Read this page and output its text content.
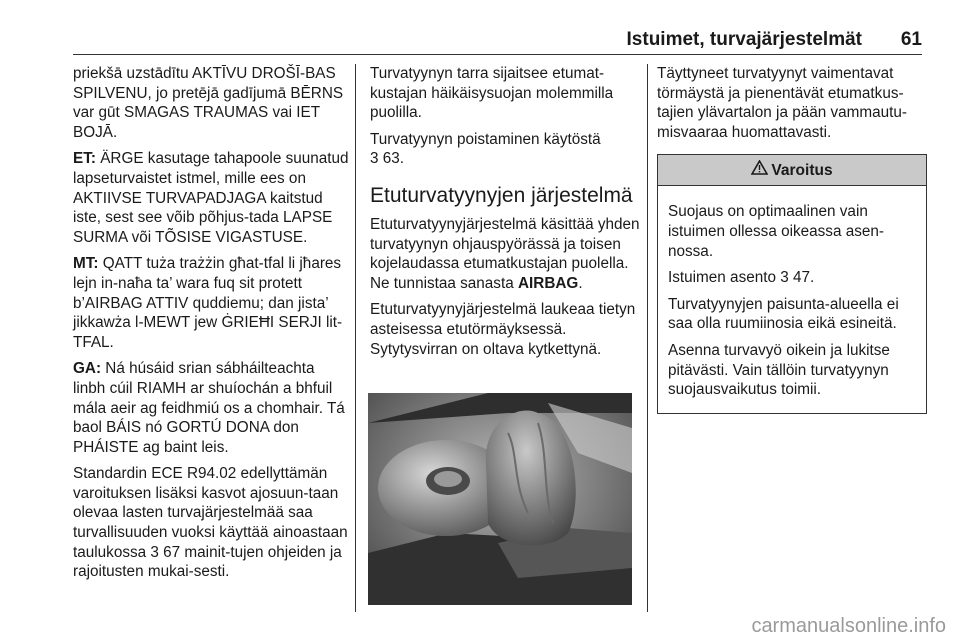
Istuimet, turvajärjestelmät 61

priekšā uzstādītu AKTĪVU DROŠĪ-BAS SPILVENU, jo pretējā gadījumā BĒRNS var gūt SMAGAS TRAUMAS vai IET BOJĀ.

ET: ÄRGE kasutage tahapoole suunatud lapseturvaistet istmel, mille ees on AKTIIVSE TURVAPADJAGA kaitstud iste, sest see võib põhjus-tada LAPSE SURMA või TÕSISE VIGASTUSE.

MT: QATT tuża trażżin għat-tfal li jħares lejn in-naħa ta’ wara fuq sit protett b’AIRBAG ATTIV quddiemu; dan jista’ jikkawża l-MEWT jew ĠRIEĦI SERJI lit-TFAL.

GA: Ná húsáid srian sábháilteachta linbh cúil RIAMH ar shuíochán a bhfuil mála aeir ag feidhmiú os a chomhair. Tá baol BÁIS nó GORTÚ DONA don PHÁISTE ag baint leis.

Standardin ECE R94.02 edellyttämän varoituksen lisäksi kasvot ajosuun-taan olevaa lasten turvajärjestelmää saa turvallisuuden vuoksi käyttää ainoastaan taulukossa 3 67 mainit-tujen ohjeiden ja rajoitusten mukai-sesti.

Turvatyynyn tarra sijaitsee etumat-kustajan häikäisysuojan molemmilla puolilla.

Turvatyynyn poistaminen käytöstä
3 63.

Etuturvatyynyjen järjestelmä

Etuturvatyynyjärjestelmä käsittää yhden turvatyynyn ohjauspyörässä ja toisen kojelaudassa etumatkustajan puolella. Ne tunnistaa sanasta AIRBAG.

Etuturvatyynyjärjestelmä laukeaa tietyn asteisessa etutörmäyksessä. Sytytysvirran on oltava kytkettynä.

Täyttyneet turvatyynyt vaimentavat törmäystä ja pienentävät etumatkus-tajien ylävartalon ja pään vammautu-misvaaraa huomattavasti.

Varoitus

Suojaus on optimaalinen vain istuimen ollessa oikeassa asen-nossa.

Istuimen asento 3 47.

Turvatyynyjen paisunta-alueella ei saa olla ruumiinosia eikä esineitä.

Asenna turvavyö oikein ja lukitse pitävästi. Vain tällöin turvatyynyn suojausvaikutus toimii.

carmanualsonline.info
